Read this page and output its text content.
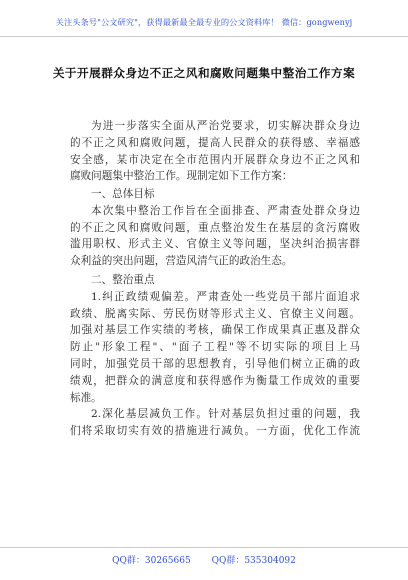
关注头条号"公文研究"，获得最新最全最专业的公文资料库！ 微信：gongwenyj
关于开展群众身边不正之风和腐败问题集中整治工作方案
为进一步落实全面从严治党要求，切实解决群众身边
的不正之风和腐败问题，提高人民群众的获得感、幸福感
安全感，某市决定在全市范围内开展群众身边不正之风和
腐败问题集中整治工作。现制定如下工作方案：
一、总体目标
本次集中整治工作旨在全面排查、严肃查处群众身边
的不正之风和腐败问题，重点整治发生在基层的贪污腐败
滥用职权、形式主义、官僚主义等问题，坚决纠治损害群
众利益的突出问题，营造风清气正的政治生态。
二、整治重点
1.纠正政绩观偏差。严肃查处一些党员干部片面追求
政绩、脱离实际、劳民伤财等形式主义、官僚主义问题。
加强对基层工作实绩的考核，确保工作成果真正惠及群众
防止"形象工程"、"面子工程"等不切实际的项目上马
同时，加强党员干部的思想教育，引导他们树立正确的政
绩观，把群众的满意度和获得感作为衡量工作成效的重要
标准。
2.深化基层减负工作。针对基层负担过重的问题，我
们将采取切实有效的措施进行减负。一方面，优化工作流
QQ群：30265665 QQ群：535304092
